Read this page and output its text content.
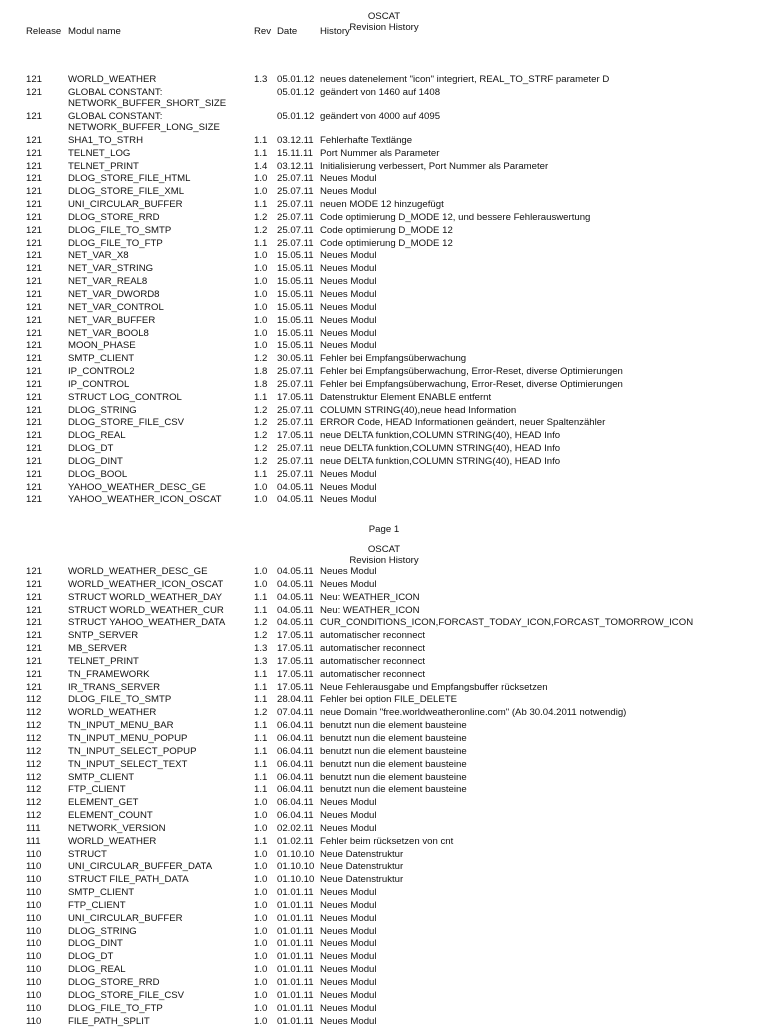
OSCAT
Revision History
Release Modul name	Rev Date History
121	WORLD_WEATHER	1.3 05.01.12 neues datenelement "icon" integriert, REAL_TO_STRF parameter D
121	GLOBAL CONSTANT:
NETWORK_BUFFER_SHORT_SIZE
05.01.12 geändert von 1460 auf 1408
121	GLOBAL CONSTANT:
NETWORK_BUFFER_LONG_SIZE
05.01.12 geändert von 4000 auf 4095
121	SHA1_TO_STRH	1.1 03.12.11 Fehlerhafte Textlänge
121	TELNET_LOG	1.1 15.11.11 Port Nummer als Parameter
121	TELNET_PRINT	1.4 03.12.11 Initialisierung verbessert, Port Nummer als Parameter
121	DLOG_STORE_FILE_HTML	1.0 25.07.11 Neues Modul
121	DLOG_STORE_FILE_XML	1.0 25.07.11 Neues Modul
121	UNI_CIRCULAR_BUFFER	1.1 25.07.11 neuen MODE 12 hinzugefügt
121	DLOG_STORE_RRD	1.2 25.07.11 Code optimierung D_MODE 12, und bessere Fehlerauswertung
121	DLOG_FILE_TO_SMTP	1.2 25.07.11 Code optimierung D_MODE 12
121	DLOG_FILE_TO_FTP	1.1 25.07.11 Code optimierung D_MODE 12
121	NET_VAR_X8	1.0 15.05.11 Neues Modul
121	NET_VAR_STRING	1.0 15.05.11 Neues Modul
121	NET_VAR_REAL8	1.0 15.05.11 Neues Modul
121	NET_VAR_DWORD8	1.0 15.05.11 Neues Modul
121	NET_VAR_CONTROL	1.0 15.05.11 Neues Modul
121	NET_VAR_BUFFER	1.0 15.05.11 Neues Modul
121	NET_VAR_BOOL8	1.0 15.05.11 Neues Modul
121	MOON_PHASE	1.0 15.05.11 Neues Modul
121	SMTP_CLIENT	1.2 30.05.11 Fehler bei Empfangsüberwachung
121	IP_CONTROL2	1.8 25.07.11 Fehler bei Empfangsüberwachung, Error-Reset, diverse Optimierungen
121	IP_CONTROL	1.8 25.07.11 Fehler bei Empfangsüberwachung, Error-Reset, diverse Optimierungen
121	STRUCT LOG_CONTROL	1.1 17.05.11 Datenstruktur Element ENABLE entfernt
121	DLOG_STRING	1.2 25.07.11 COLUMN STRING(40),neue head Information
121	DLOG_STORE_FILE_CSV	1.2 25.07.11 ERROR Code, HEAD Informationen geändert, neuer Spaltenzähler
121	DLOG_REAL	1.2 17.05.11 neue DELTA funktion,COLUMN STRING(40), HEAD Info
121	DLOG_DT	1.2 25.07.11 neue DELTA funktion,COLUMN STRING(40), HEAD Info
121	DLOG_DINT	1.2 25.07.11 neue DELTA funktion,COLUMN STRING(40), HEAD Info
121	DLOG_BOOL	1.1 25.07.11 Neues Modul
121	YAHOO_WEATHER_DESC_GE	1.0 04.05.11 Neues Modul
121	YAHOO_WEATHER_ICON_OSCAT	1.0 04.05.11 Neues Modul
Page 1
OSCAT
Revision History
121	WORLD_WEATHER_DESC_GE	1.0 04.05.11 Neues Modul
121	WORLD_WEATHER_ICON_OSCAT	1.0 04.05.11 Neues Modul
121	STRUCT WORLD_WEATHER_DAY	1.1 04.05.11 Neu: WEATHER_ICON
121	STRUCT WORLD_WEATHER_CUR	1.1 04.05.11 Neu: WEATHER_ICON
121	STRUCT YAHOO_WEATHER_DATA	1.2 04.05.11 CUR_CONDITIONS_ICON,FORCAST_TODAY_ICON,FORCAST_TOMORROW_ICON
121	SNTP_SERVER	1.2 17.05.11 automatischer reconnect
121	MB_SERVER	1.3 17.05.11 automatischer reconnect
121	TELNET_PRINT	1.3 17.05.11 automatischer reconnect
121	TN_FRAMEWORK	1.1 17.05.11 automatischer reconnect
121	IR_TRANS_SERVER	1.1 17.05.11 Neue Fehlerausgabe und Empfangsbuffer rücksetzen
112	DLOG_FILE_TO_SMTP	1.1 28.04.11 Fehler bei option FILE_DELETE
112	WORLD_WEATHER	1.2 07.04.11 neue Domain "free.worldweatheronline.com" (Ab 30.04.2011 notwendig)
112	TN_INPUT_MENU_BAR	1.1 06.04.11 benutzt nun die element bausteine
112	TN_INPUT_MENU_POPUP	1.1 06.04.11 benutzt nun die element bausteine
112	TN_INPUT_SELECT_POPUP	1.1 06.04.11 benutzt nun die element bausteine
112	TN_INPUT_SELECT_TEXT	1.1 06.04.11 benutzt nun die element bausteine
112	SMTP_CLIENT	1.1 06.04.11 benutzt nun die element bausteine
112	FTP_CLIENT	1.1 06.04.11 benutzt nun die element bausteine
112	ELEMENT_GET	1.0 06.04.11 Neues Modul
112	ELEMENT_COUNT	1.0 06.04.11 Neues Modul
111	NETWORK_VERSION	1.0 02.02.11 Neues Modul
111	WORLD_WEATHER	1.1 01.02.11 Fehler beim rücksetzen von cnt
110	STRUCT	1.0 01.10.10 Neue Datenstruktur
110	UNI_CIRCULAR_BUFFER_DATA	1.0 01.10.10 Neue Datenstruktur
110	STRUCT FILE_PATH_DATA	1.0 01.10.10 Neue Datenstruktur
110	SMTP_CLIENT	1.0 01.01.11 Neues Modul
110	FTP_CLIENT	1.0 01.01.11 Neues Modul
110	UNI_CIRCULAR_BUFFER	1.0 01.01.11 Neues Modul
110	DLOG_STRING	1.0 01.01.11 Neues Modul
110	DLOG_DINT	1.0 01.01.11 Neues Modul
110	DLOG_DT	1.0 01.01.11 Neues Modul
110	DLOG_REAL	1.0 01.01.11 Neues Modul
110	DLOG_STORE_RRD	1.0 01.01.11 Neues Modul
110	DLOG_STORE_FILE_CSV	1.0 01.01.11 Neues Modul
110	DLOG_FILE_TO_FTP	1.0 01.01.11 Neues Modul
110	FILE_PATH_SPLIT	1.0 01.01.11 Neues Modul
